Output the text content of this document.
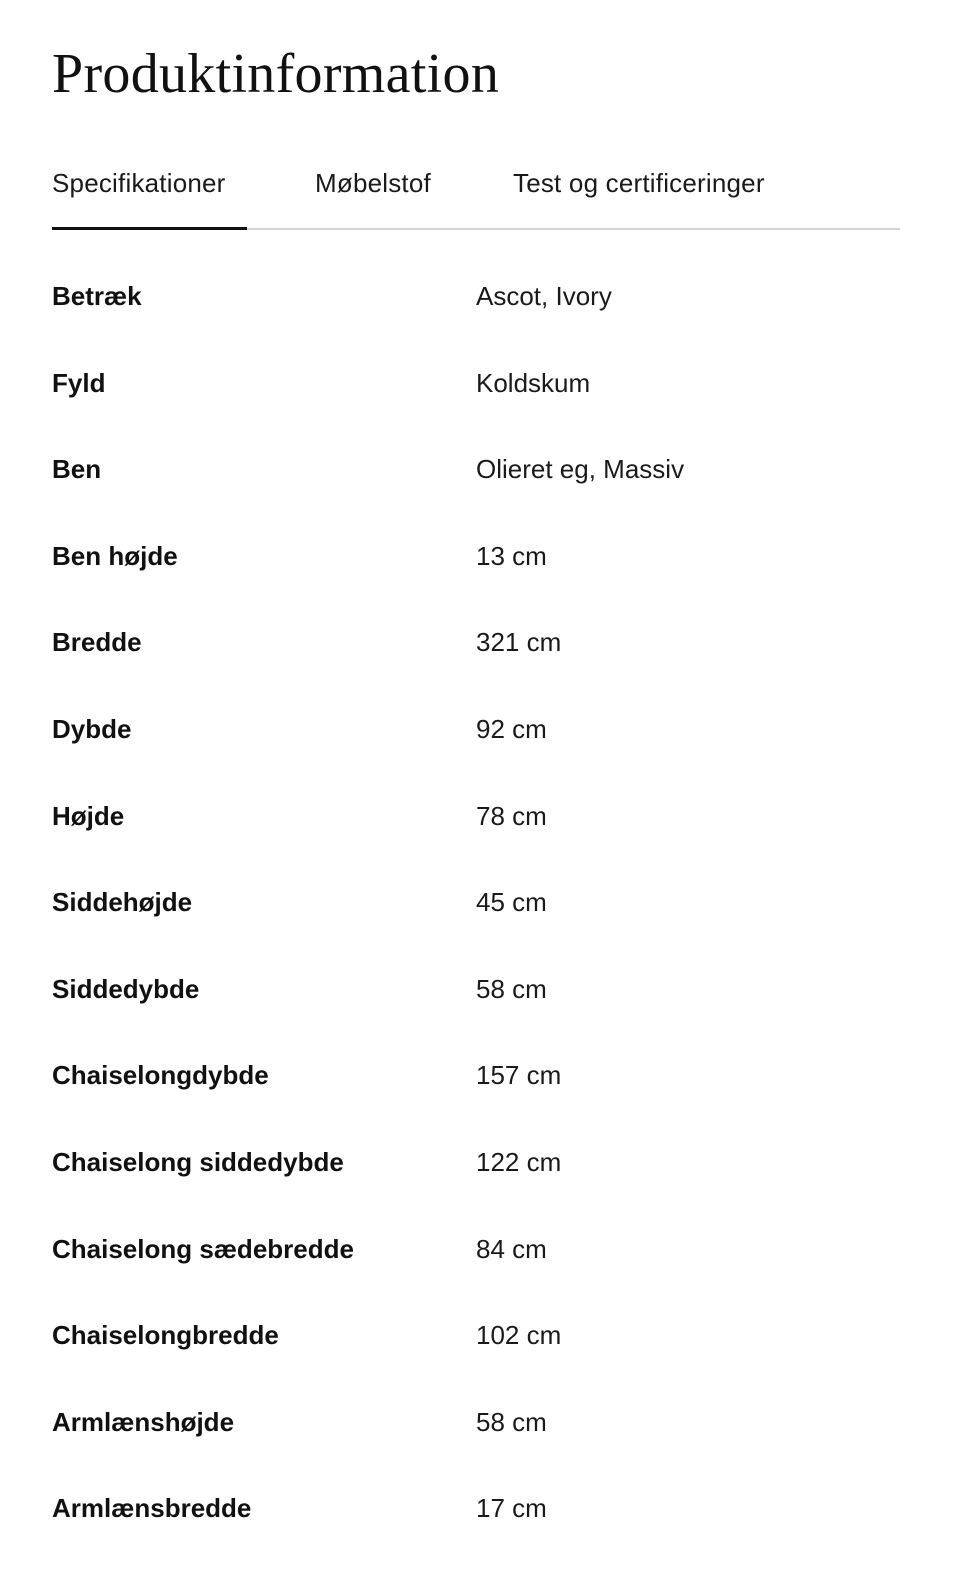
Produktinformation
Specifikationer	Møbelstof	Test og certificeringer
Betræk	Ascot, Ivory
Fyld	Koldskum
Ben	Olieret eg, Massiv
Ben højde	13 cm
Bredde	321 cm
Dybde	92 cm
Højde	78 cm
Siddehøjde	45 cm
Siddedybde	58 cm
Chaiselongdybde	157 cm
Chaiselong siddedybde	122 cm
Chaiselong sædebredde	84 cm
Chaiselongbredde	102 cm
Armlænshøjde	58 cm
Armlænsbredde	17 cm
